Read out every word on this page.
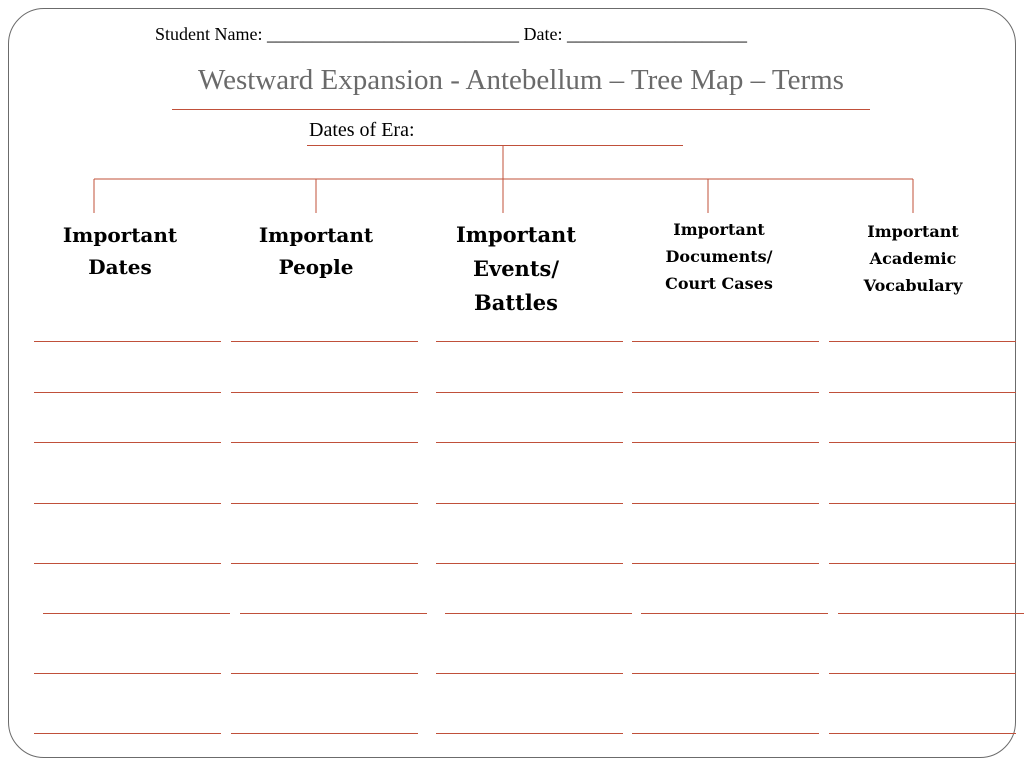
Student Name: ____________________________ Date: ____________________
Westward Expansion - Antebellum – Tree Map – Terms
Dates of Era:
Important
Dates
Important
People
Important
Events/
Battles
Important
Documents/
Court Cases
Important
Academic
Vocabulary
